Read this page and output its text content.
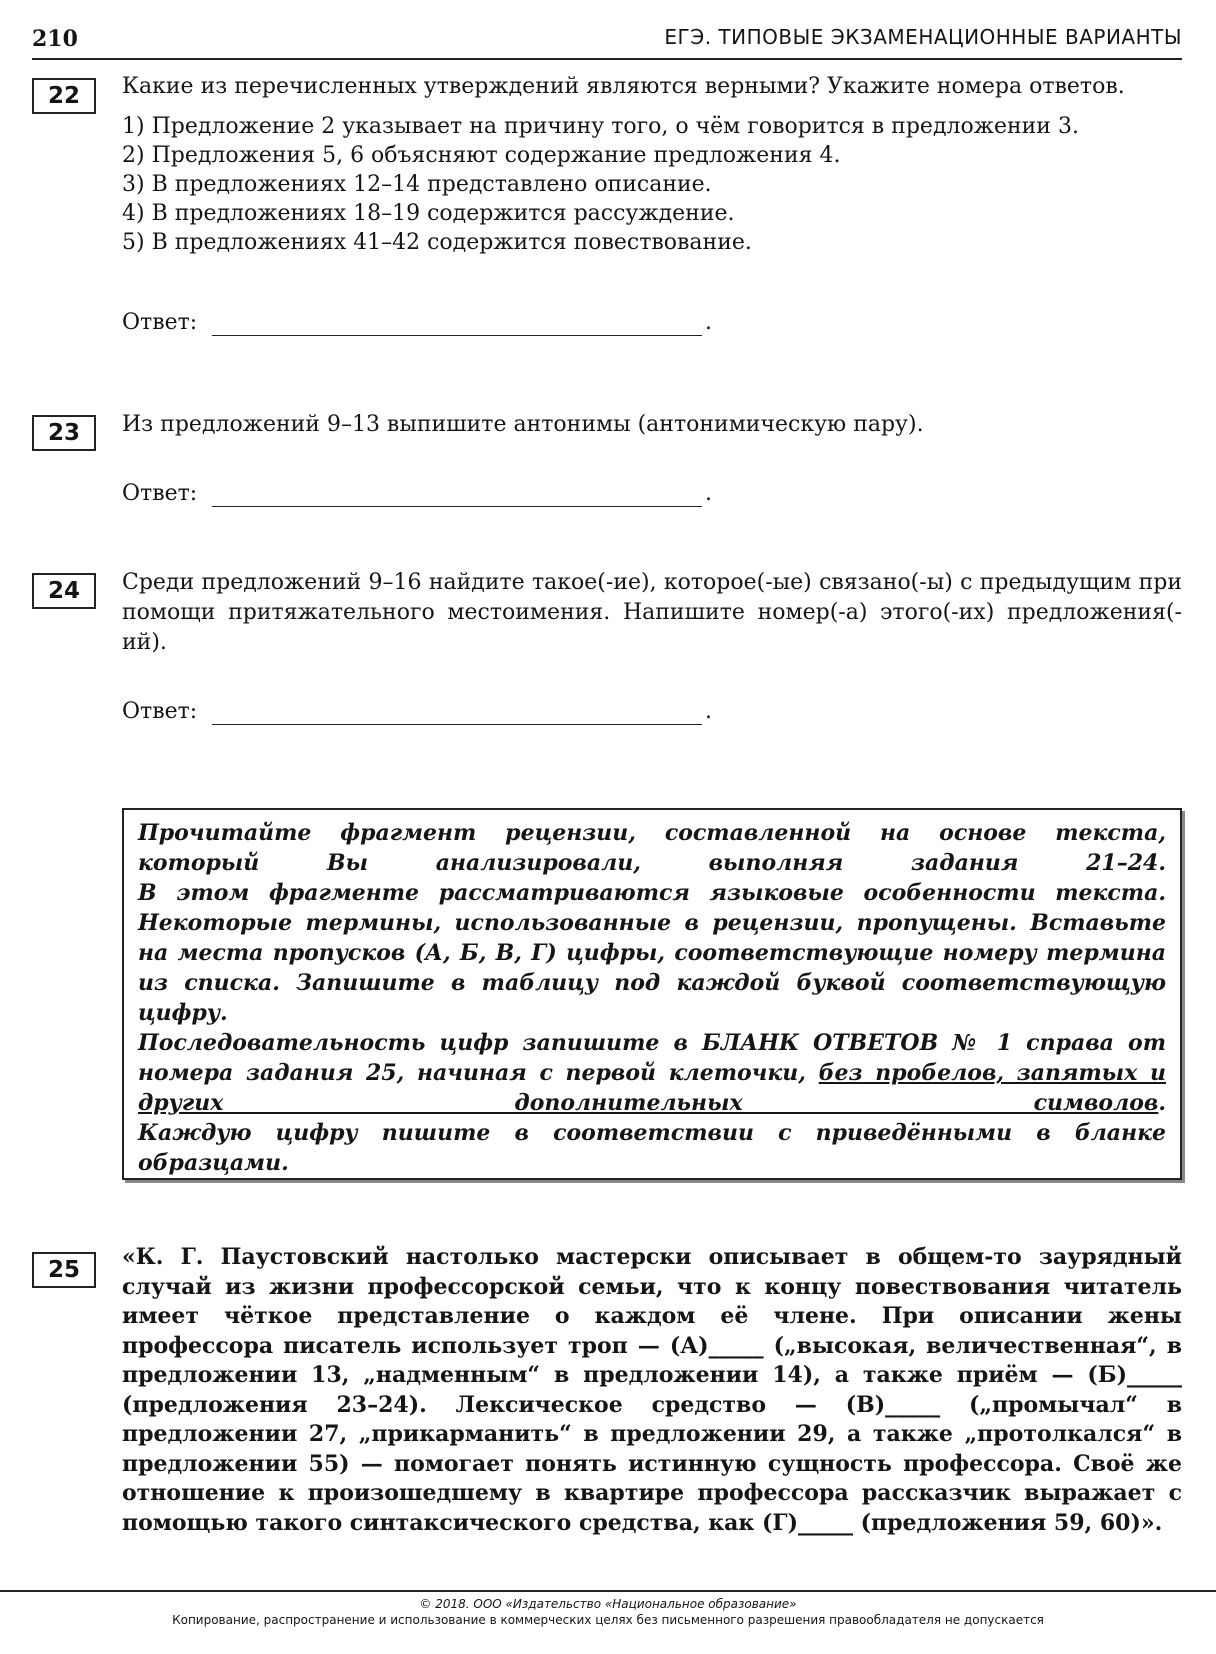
210	ЕГЭ. ТИПОВЫЕ ЭКЗАМЕНАЦИОННЫЕ ВАРИАНТЫ
22	Какие из перечисленных утверждений являются верными? Укажите номера ответов.
1) Предложение 2 указывает на причину того, о чём говорится в предложении 3.
2) Предложения 5, 6 объясняют содержание предложения 4.
3) В предложениях 12–14 представлено описание.
4) В предложениях 18–19 содержится рассуждение.
5) В предложениях 41–42 содержится повествование.
Ответ:	.
23	Из предложений 9–13 выпишите антонимы (антонимическую пару).
Ответ:	.
24	Среди предложений 9–16 найдите такое(-ие), которое(-ые) связано(-ы) с предыдущим при помощи притяжательного местоимения. Напишите номер(-а) этого(-их) предложения(-ий).
Ответ:	.

Прочитайте фрагмент рецензии, составленной на основе текста, который Вы анализировали, выполняя задания 21–24.

В этом фрагменте рассматриваются языковые особенности текста. Некоторые термины, использованные в рецензии, пропущены. Вставьте на места пропусков (А, Б, В, Г) цифры, соответствующие номеру термина из списка. Запишите в таблицу под каждой буквой соответствующую цифру.

Последовательность цифр запишите в БЛАНК ОТВЕТОВ № 1 справа от номера задания 25, начиная с первой клеточки, без пробелов, запятых и других дополнительных символов.

Каждую цифру пишите в соответствии с приведёнными в бланке образцами.

25	«К. Г. Паустовский настолько мастерски описывает в общем-то заурядный случай из жизни профессорской семьи, что к концу повествования читатель имеет чёткое представление о каждом её члене. При описании жены профессора писатель использует троп — (А)_____ („высокая, величественная“, в предложении 13, „надменным“ в предложении 14), а также приём — (Б)_____ (предложения 23–24). Лексическое средство — (В)_____ („промычал“ в предложении 27, „прикарманить“ в предложении 29, а также „протолкался“ в предложении 55) — помогает понять истинную сущность профессора. Своё же отношение к произошедшему в квартире профессора рассказчик выражает с помощью такого синтаксического средства, как (Г)_____ (предложения 59, 60)».
© 2018. ООО «Издательство «Национальное образование»
Копирование, распространение и использование в коммерческих целях без письменного разрешения правообладателя не допускается
